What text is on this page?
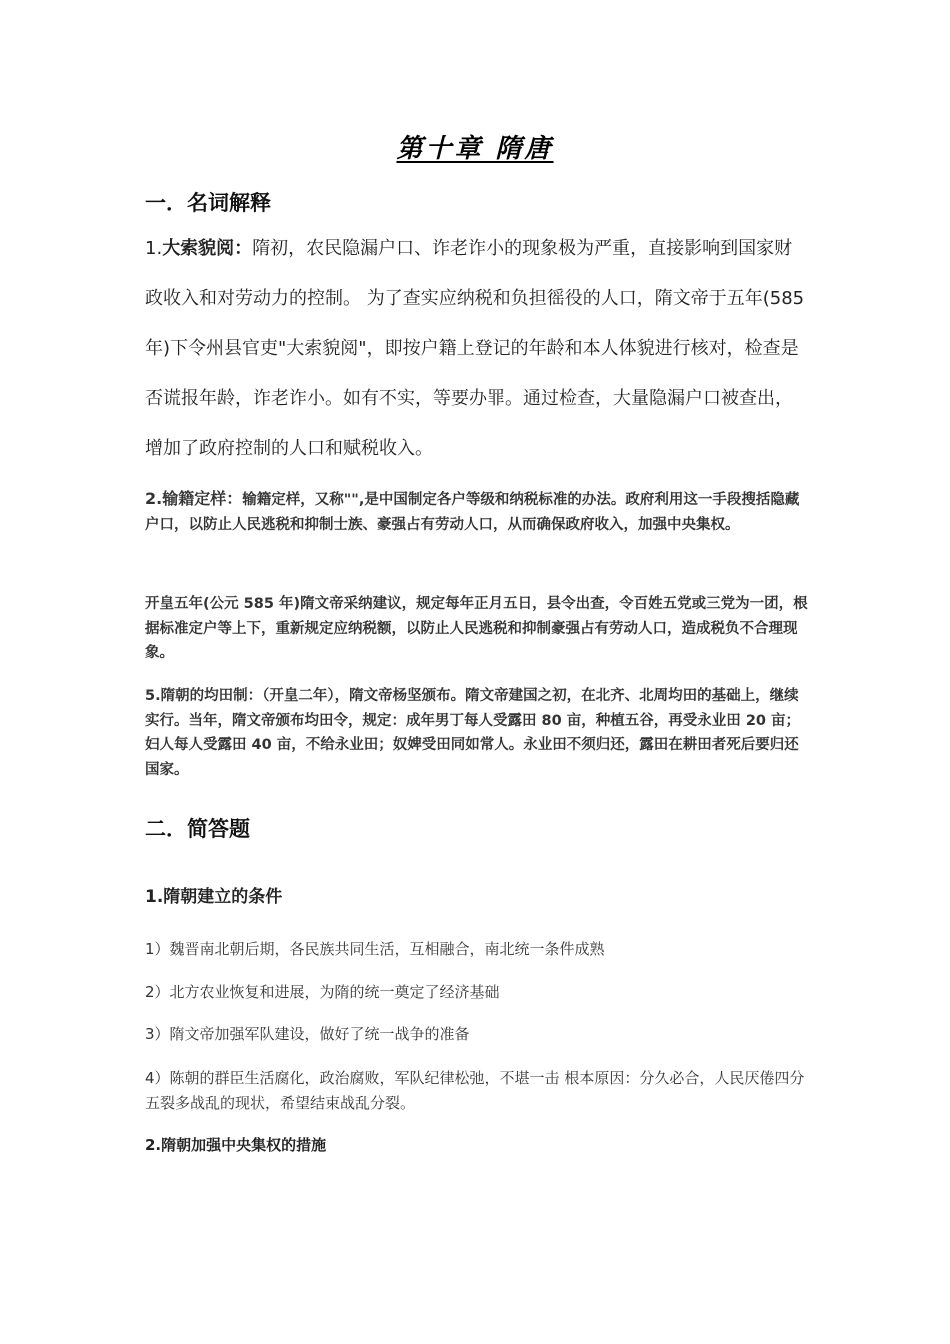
第十章 隋唐
一．名词解释

1.大索貌阅：隋初，农民隐漏户口、诈老诈小的现象极为严重，直接影响到国家财政收入和对劳动力的控制。 为了查实应纳税和负担徭役的人口，隋文帝于五年(585 年)下令州县官吏"大索貌阅"，即按户籍上登记的年龄和本人体貌进行核对，检查是否谎报年龄，诈老诈小。如有不实，等要办罪。通过检查，大量隐漏户口被查出，增加了政府控制的人口和赋税收入。

2.输籍定样：输籍定样，又称"",是中国制定各户等级和纳税标准的办法。政府利用这一手段搜括隐藏户口，以防止人民逃税和抑制士族、豪强占有劳动人口，从而确保政府收入，加强中央集权。

开皇五年(公元 585 年)隋文帝采纳建议，规定每年正月五日，县令出查，令百姓五党或三党为一团，根据标准定户等上下，重新规定应纳税额，以防止人民逃税和抑制豪强占有劳动人口，造成税负不合理现象。

5.隋朝的均田制：（开皇二年），隋文帝杨坚颁布。隋文帝建国之初，在北齐、北周均田的基础上，继续实行。当年，隋文帝颁布均田令，规定：成年男丁每人受露田 80 亩，种植五谷，再受永业田 20 亩；妇人每人受露田 40 亩，不给永业田；奴婢受田同如常人。永业田不须归还，露田在耕田者死后要归还国家。

二．简答题
1.隋朝建立的条件
1）魏晋南北朝后期，各民族共同生活，互相融合，南北统一条件成熟
2）北方农业恢复和进展，为隋的统一奠定了经济基础
3）隋文帝加强军队建设，做好了统一战争的准备
4）陈朝的群臣生活腐化，政治腐败，军队纪律松弛，不堪一击 根本原因：分久必合，人民厌倦四分五裂多战乱的现状，希望结束战乱分裂。
2.隋朝加强中央集权的措施
